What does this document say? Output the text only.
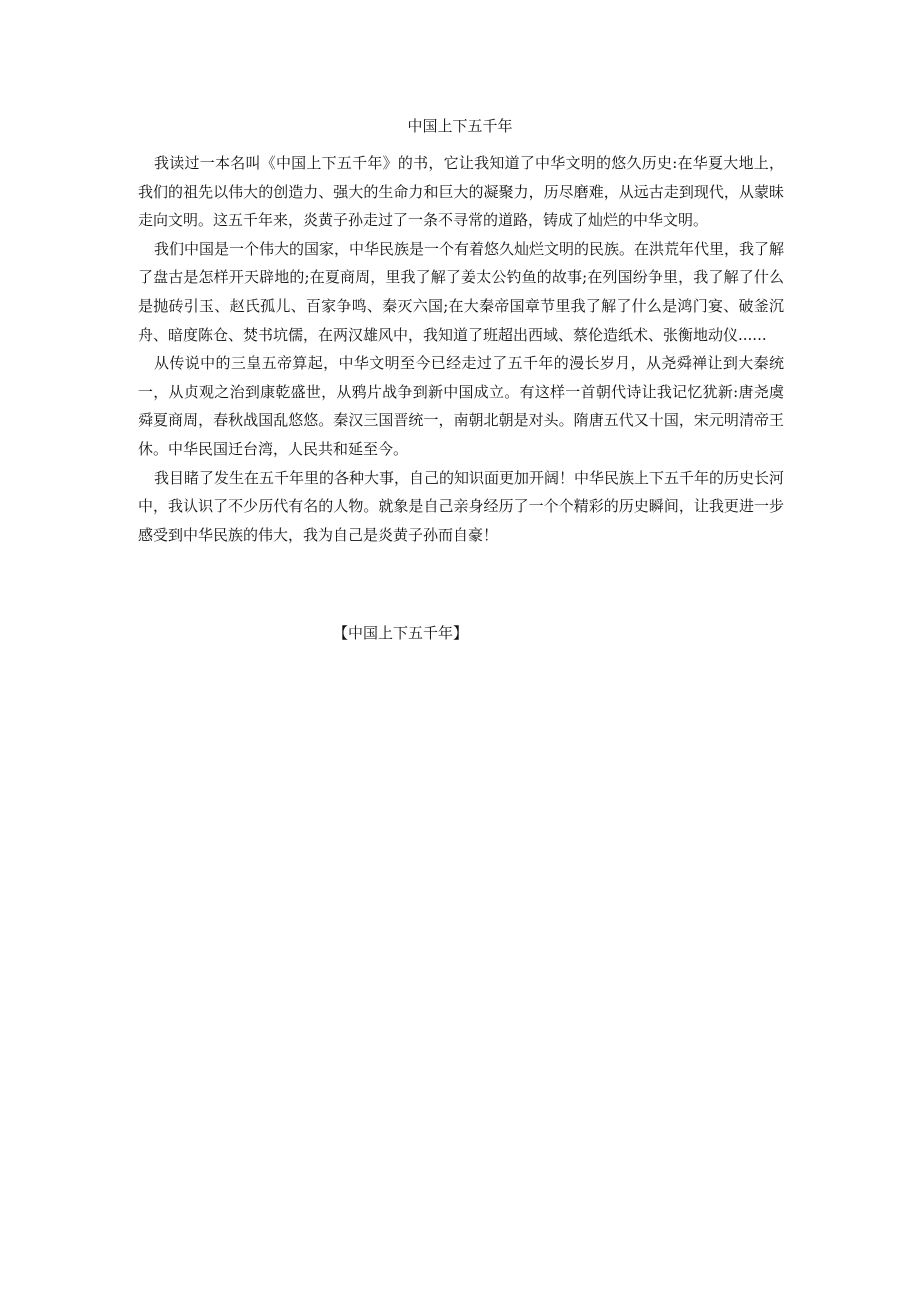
中国上下五千年

我读过一本名叫《中国上下五千年》的书，它让我知道了中华文明的悠久历史:在华夏大地上，我们的祖先以伟大的创造力、强大的生命力和巨大的凝聚力，历尽磨难，从远古走到现代，从蒙昧走向文明。这五千年来，炎黄子孙走过了一条不寻常的道路，铸成了灿烂的中华文明。

我们中国是一个伟大的国家，中华民族是一个有着悠久灿烂文明的民族。在洪荒年代里，我了解了盘古是怎样开天辟地的;在夏商周，里我了解了姜太公钓鱼的故事;在列国纷争里，我了解了什么是抛砖引玉、赵氏孤儿、百家争鸣、秦灭六国;在大秦帝国章节里我了解了什么是鸿门宴、破釜沉舟、暗度陈仓、焚书坑儒，在两汉雄风中，我知道了班超出西域、蔡伦造纸术、张衡地动仪......

从传说中的三皇五帝算起，中华文明至今已经走过了五千年的漫长岁月，从尧舜禅让到大秦统一，从贞观之治到康乾盛世，从鸦片战争到新中国成立。有这样一首朝代诗让我记忆犹新:唐尧虞舜夏商周，春秋战国乱悠悠。秦汉三国晋统一，南朝北朝是对头。隋唐五代又十国，宋元明清帝王休。中华民国迁台湾，人民共和延至今。

我目睹了发生在五千年里的各种大事，自己的知识面更加开阔！中华民族上下五千年的历史长河中，我认识了不少历代有名的人物。就象是自己亲身经历了一个个精彩的历史瞬间，让我更进一步感受到中华民族的伟大，我为自己是炎黄子孙而自豪！

【中国上下五千年】
